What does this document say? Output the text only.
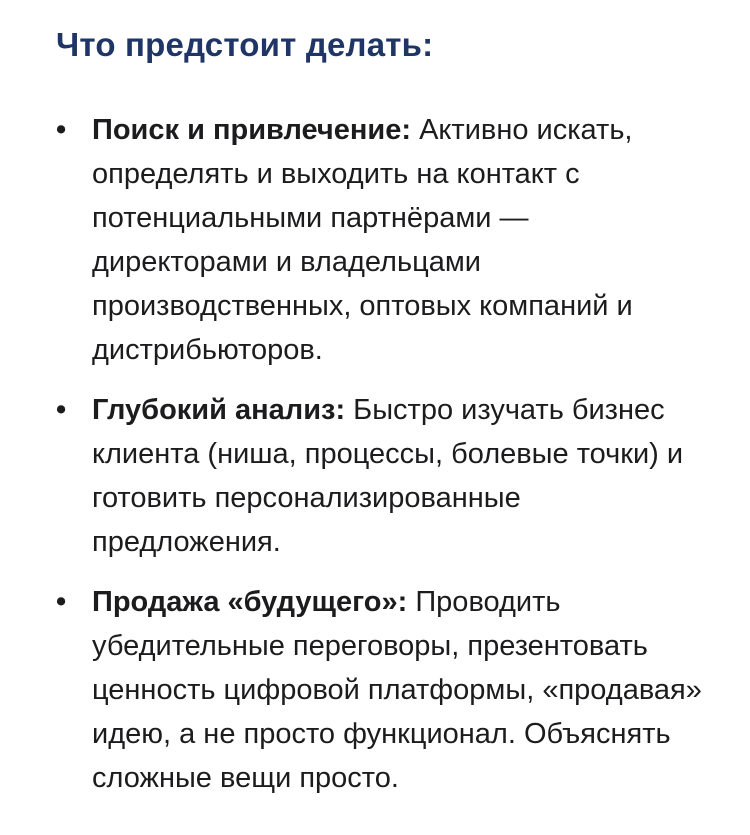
Что предстоит делать:
• Поиск и привлечение: Активно искать, определять и выходить на контакт с потенциальными партнёрами — директорами и владельцами производственных, оптовых компаний и дистрибьюторов.
• Глубокий анализ: Быстро изучать бизнес клиента (ниша, процессы, болевые точки) и готовить персонализированные предложения.
• Продажа «будущего»: Проводить убедительные переговоры, презентовать ценность цифровой платформы, «продавая» идею, а не просто функционал. Объяснять сложные вещи просто.
